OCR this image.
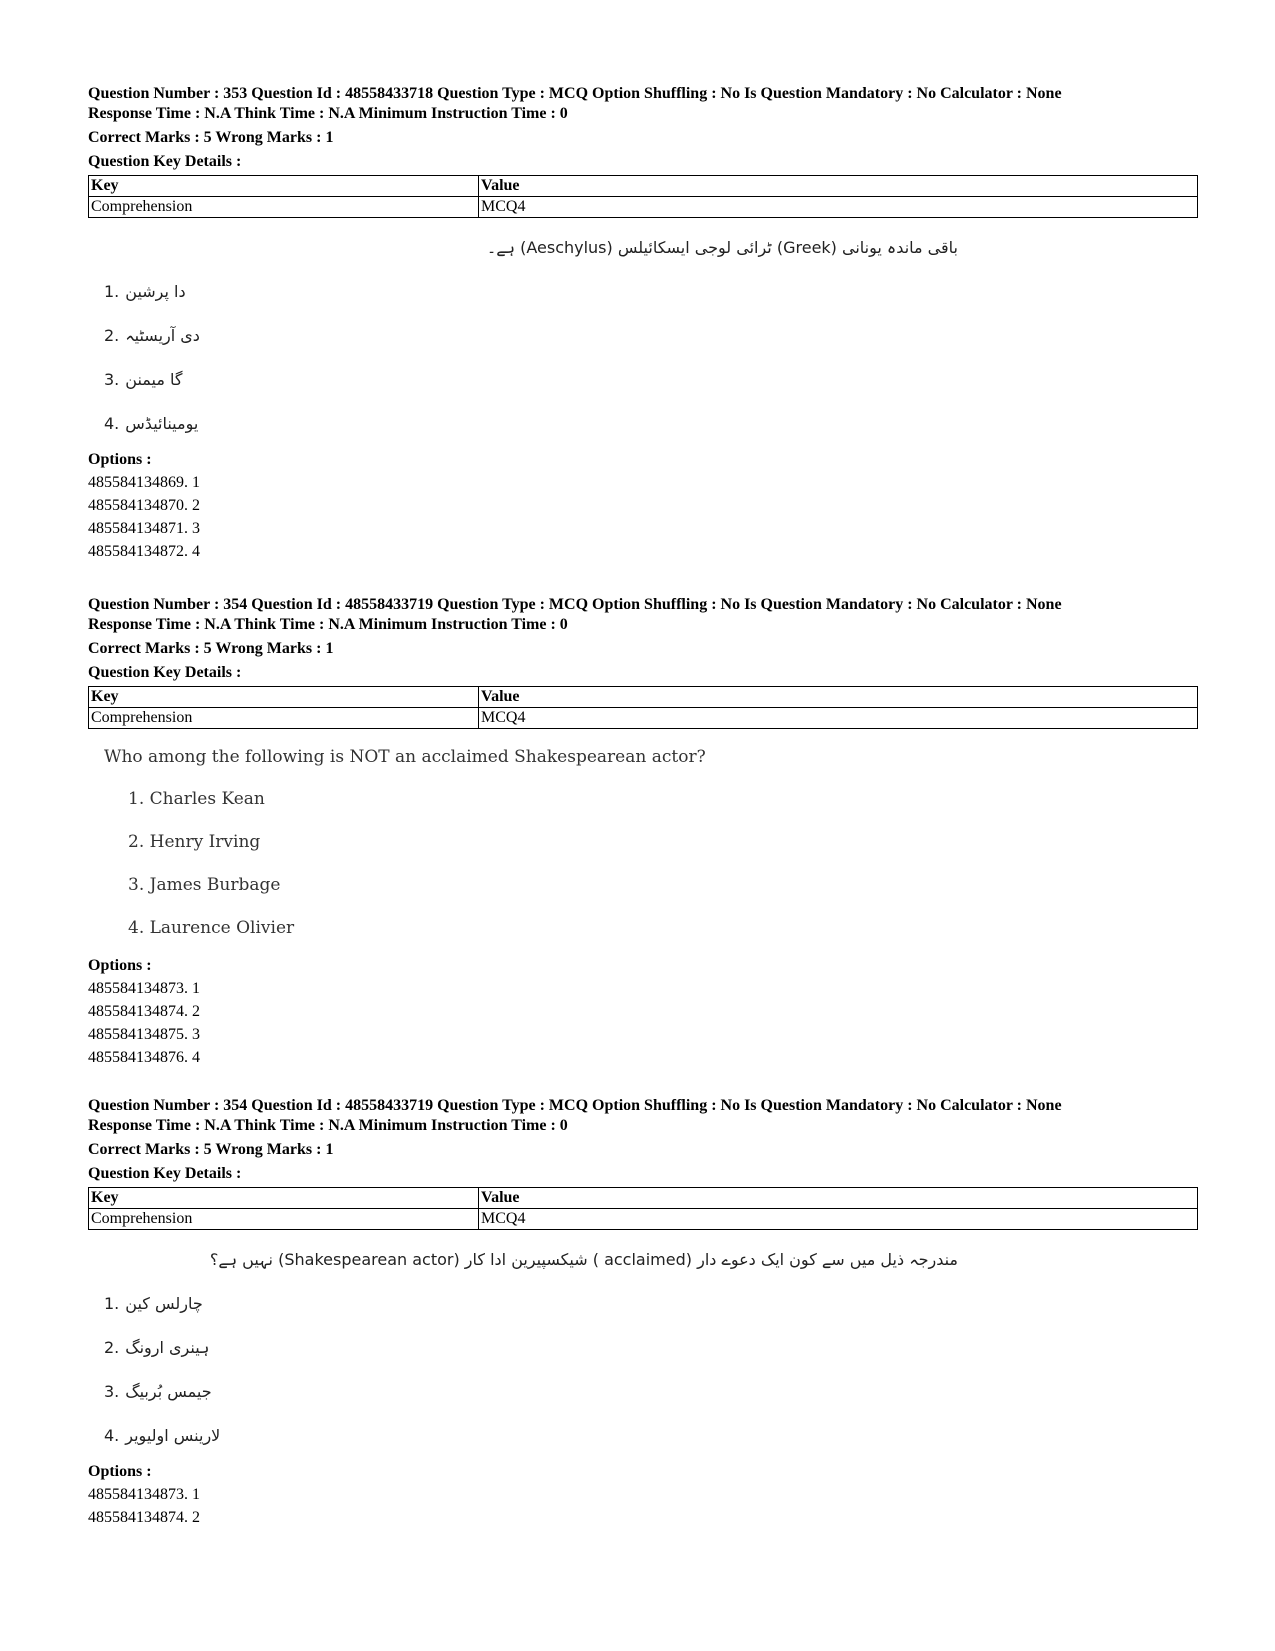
Question Number : 353 Question Id : 48558433718 Question Type : MCQ Option Shuffling : No Is Question Mandatory : No Calculator : None
Response Time : N.A Think Time : N.A Minimum Instruction Time : 0
Correct Marks : 5 Wrong Marks : 1
Question Key Details :
Key	Value
Comprehension	MCQ4
باقی ماندہ یونانی (Greek) ٹرائی لوجی ایسکائیلس (Aeschylus) ہے۔
1. دا پرشین
2. دی آریسٹیہ
3. گا میمنن
4. یومینائیڈس
Options :
485584134869. 1
485584134870. 2
485584134871. 3
485584134872. 4
Question Number : 354 Question Id : 48558433719 Question Type : MCQ Option Shuffling : No Is Question Mandatory : No Calculator : None
Response Time : N.A Think Time : N.A Minimum Instruction Time : 0
Correct Marks : 5 Wrong Marks : 1
Question Key Details :
Key	Value
Comprehension	MCQ4
Who among the following is NOT an acclaimed Shakespearean actor?
1. Charles Kean
2. Henry Irving
3. James Burbage
4. Laurence Olivier
Options :
485584134873. 1
485584134874. 2
485584134875. 3
485584134876. 4
Question Number : 354 Question Id : 48558433719 Question Type : MCQ Option Shuffling : No Is Question Mandatory : No Calculator : None
Response Time : N.A Think Time : N.A Minimum Instruction Time : 0
Correct Marks : 5 Wrong Marks : 1
Question Key Details :
Key	Value
Comprehension	MCQ4
مندرجہ ذیل میں سے کون ایک دعوے دار (acclaimed ) شیکسپیرین ادا کار (Shakespearean actor) نہیں ہے؟
1. چارلس کین
2. ہینری ارونگ
3. جیمس بُربیگ
4. لارینس اولیویر
Options :
485584134873. 1
485584134874. 2
